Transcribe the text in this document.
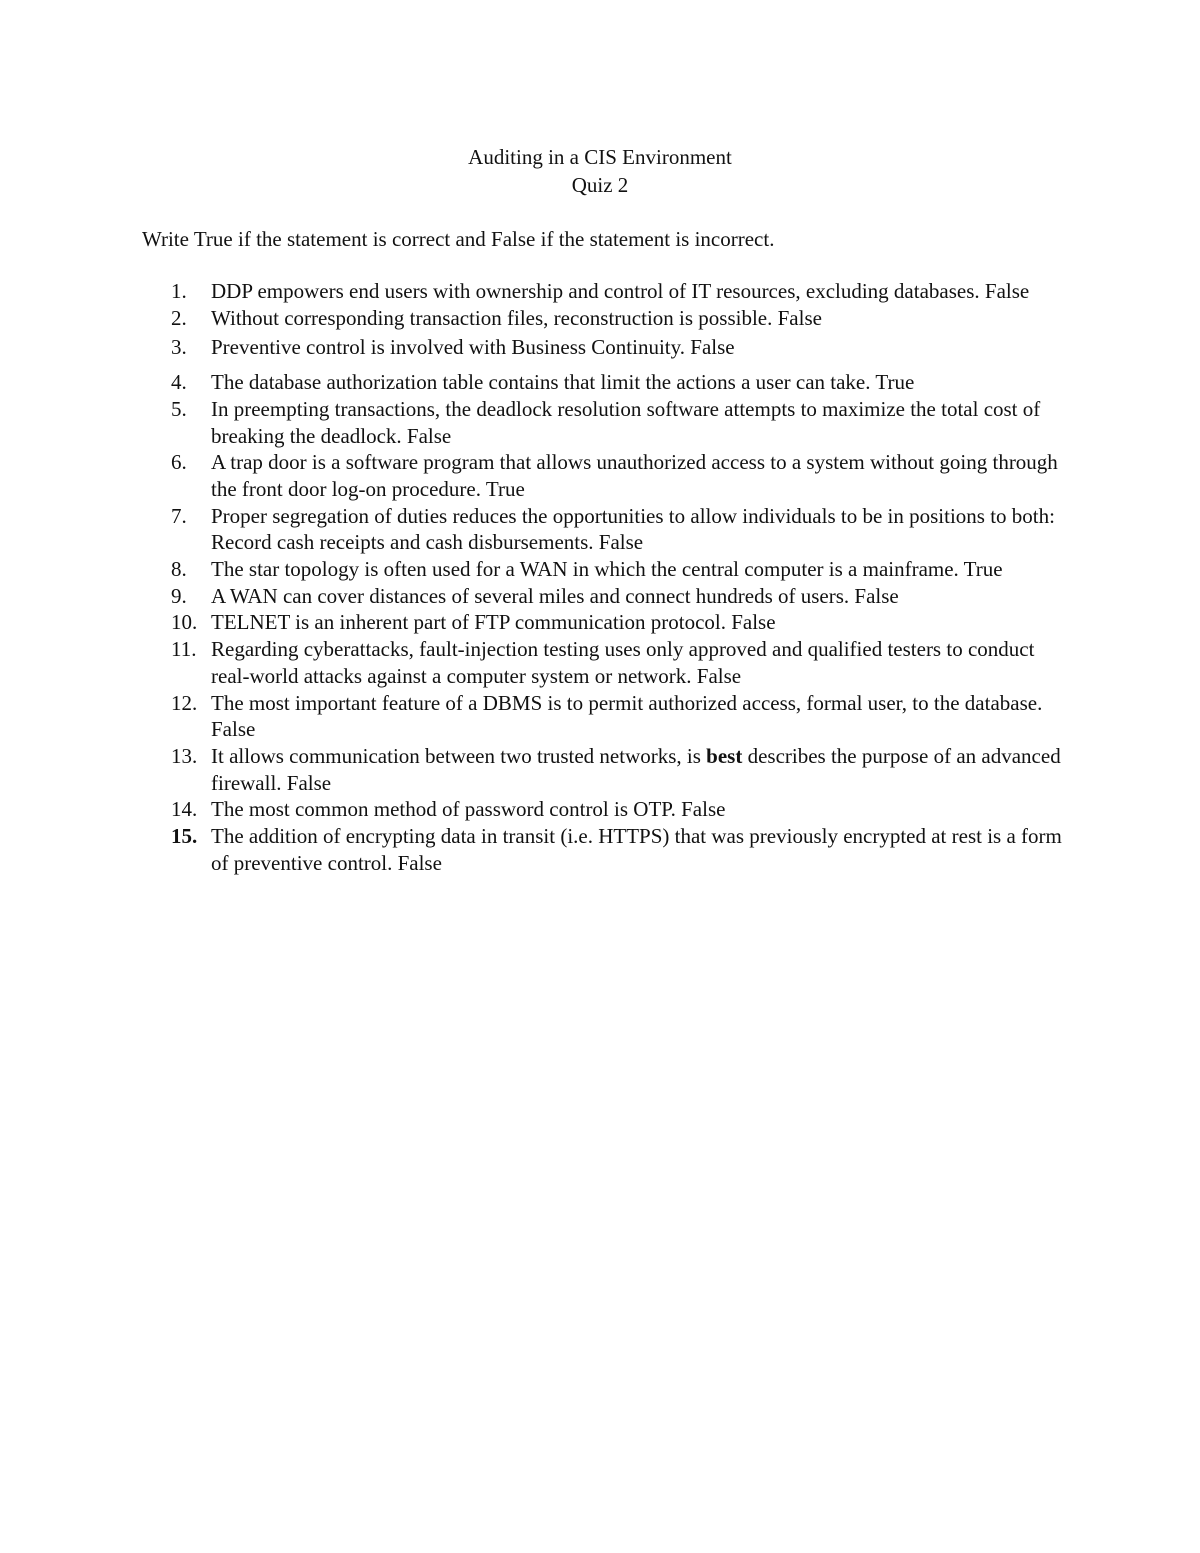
Auditing in a CIS Environment
Quiz 2
Write True if the statement is correct and False if the statement is incorrect.
1. DDP empowers end users with ownership and control of IT resources, excluding databases. False
2. Without corresponding transaction files, reconstruction is possible. False
3. Preventive control is involved with Business Continuity. False
4. The database authorization table contains that limit the actions a user can take. True
5. In preempting transactions, the deadlock resolution software attempts to maximize the total cost of breaking the deadlock. False
6. A trap door is a software program that allows unauthorized access to a system without going through the front door log-on procedure. True
7. Proper segregation of duties reduces the opportunities to allow individuals to be in positions to both: Record cash receipts and cash disbursements. False
8. The star topology is often used for a WAN in which the central computer is a mainframe. True
9. A WAN can cover distances of several miles and connect hundreds of users. False
10. TELNET is an inherent part of FTP communication protocol. False
11. Regarding cyberattacks, fault-injection testing uses only approved and qualified testers to conduct real-world attacks against a computer system or network. False
12. The most important feature of a DBMS is to permit authorized access, formal user, to the database. False
13. It allows communication between two trusted networks, is best describes the purpose of an advanced firewall. False
14. The most common method of password control is OTP. False
15. The addition of encrypting data in transit (i.e. HTTPS) that was previously encrypted at rest is a form of preventive control. False
